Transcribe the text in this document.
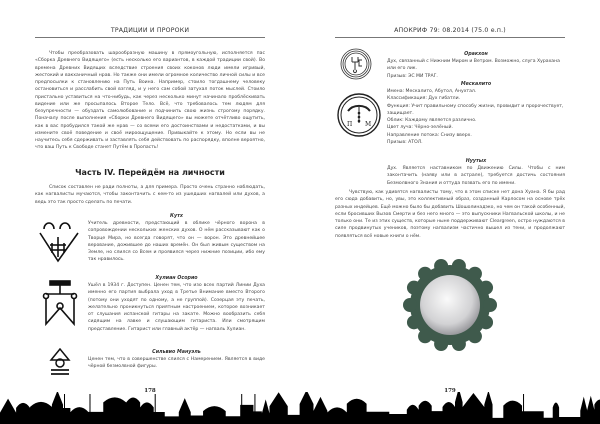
ТРАДИЦИИ И ПРОРОКИ
Чтобы преобразовать шарообразную машину в прямоугольную, исполняется пас «Сборка Древнего Видящего» (есть несколько его вариантов, в каждой традиции свой). Во времена Древних Видящих вследствие строения своих коконов люди имели игривый, жестокий и вакханичный нрав. Но также они имели огромное количество личной силы и все предпосылки к становлению на Путь Воина. Например, стоило тогдашнему человеку остановиться и расслабить свой взгляд, и у него сам собой затухал поток мыслей. Стоило пристально уставиться на что-нибудь, как через несколько минут начинало проблёскивать видение или же просыпалось Второе Тело. Всё, что требовалось тем людям для безупречности — обуздать самолюбование и подчинить свою жизнь строгому порядку. Поначалу после выполнения «Сборки Древнего Видящего» вы можете отчётливо ощутить, как в вас пробудился такой же нрав — со всеми его достоинствами и недостатками, и вы измените своё поведение и своё мироощущение. Привыкайте к этому. Но если вы не научитесь себя сдерживать и заставлять себя действовать по распорядку, вполне вероятно, что ваш Путь к Свободе станет Путём в Пропасть!
Часть IV. Перейдём на личности
Список составлен не ради полноты, а для примера. Просто очень странно наблюдать, как нагвалисты мучаются, чтобы законтачить с кем-то из ушедших нагвалей или духов, а ведь это так просто сделать по печати.
Кутх
Учитель древности, предстающий в облике чёрного ворона в сопровождении нескольких женских духов. О нём рассказывают как о Творце Мира, но всегда говорят, что он — ворон. Это древнейшее верование, дожившее до наших времён. Он был живым существом на Земле, но слился со Всем и проявился через нижние позиции, ибо ему так нравилось.
Хулиан Осорио
Ушёл в 1934 г. Доступен. Ценен тем, что изо всех партий Линии Духа именно его партия выбрала уход в Третье Внимание вместо Второго (потому они уходят по одному, а не группой). Созерцая эту печать, желательно проникнуться приятным настроением, которое возникает от слушания испанской гитары на закате. Можно вообразить себя сидящим на лавке и слушающим гитариста. Или смотрящим представление. Гитарист или главный актёр — нагваль Хулиан.
Сильвио Мануэль
Ценен тем, что в совершенстве слился с Намерением. Является в виде чёрной безмолвной фигуры.
178
АПОКРИФ 79: 08.2014 (75.0 е.п.)
Оракхон
Дух, связанный с Нижним Миром и Ветром. Возможно, слуга Хурахана или его лик.
Призыв: ЭС МИ ТРАГ.
П М
Мескалито
Имена: Мескалито, Абутол, Анухтал.
Классификация: Дух гибатли.
Функция: Учит правильному способу жизни, провидит и пророчествует, защищает.
Облик: Каждому является различно.
Цвет луча: Чёрно-зелёный.
Направление потока: Снизу вверх.
Призыв: АТОЛ.
Нуутых
Дух. Является наставником по Движению Силы. Чтобы с ним законтачить (наяву или в астрале), требуется достичь состояния Безмолвного Знания и оттуда позвать его по имени.
Чувствую, как удивятся нагвалисты тому, что в этом списке нет дона Хуана. Я бы рад его сюда добавить, но, увы, это коллективный образ, созданный Карлосом на основе трёх разных индейцев. Ещё можно было бы добавить Шошолинадэко, но чем он такой особенный, если бросивших Вызов Смерти и без него много — это выпускники Нагвальской школы, и не только они. Те из этих существ, которые ныне поддерживают Cleargreen, остро нуждаются в силе продвинутых учеников, поэтому нагвализм частично вышел из тени, и продолжают появляться всё новые книги о нём.
179
